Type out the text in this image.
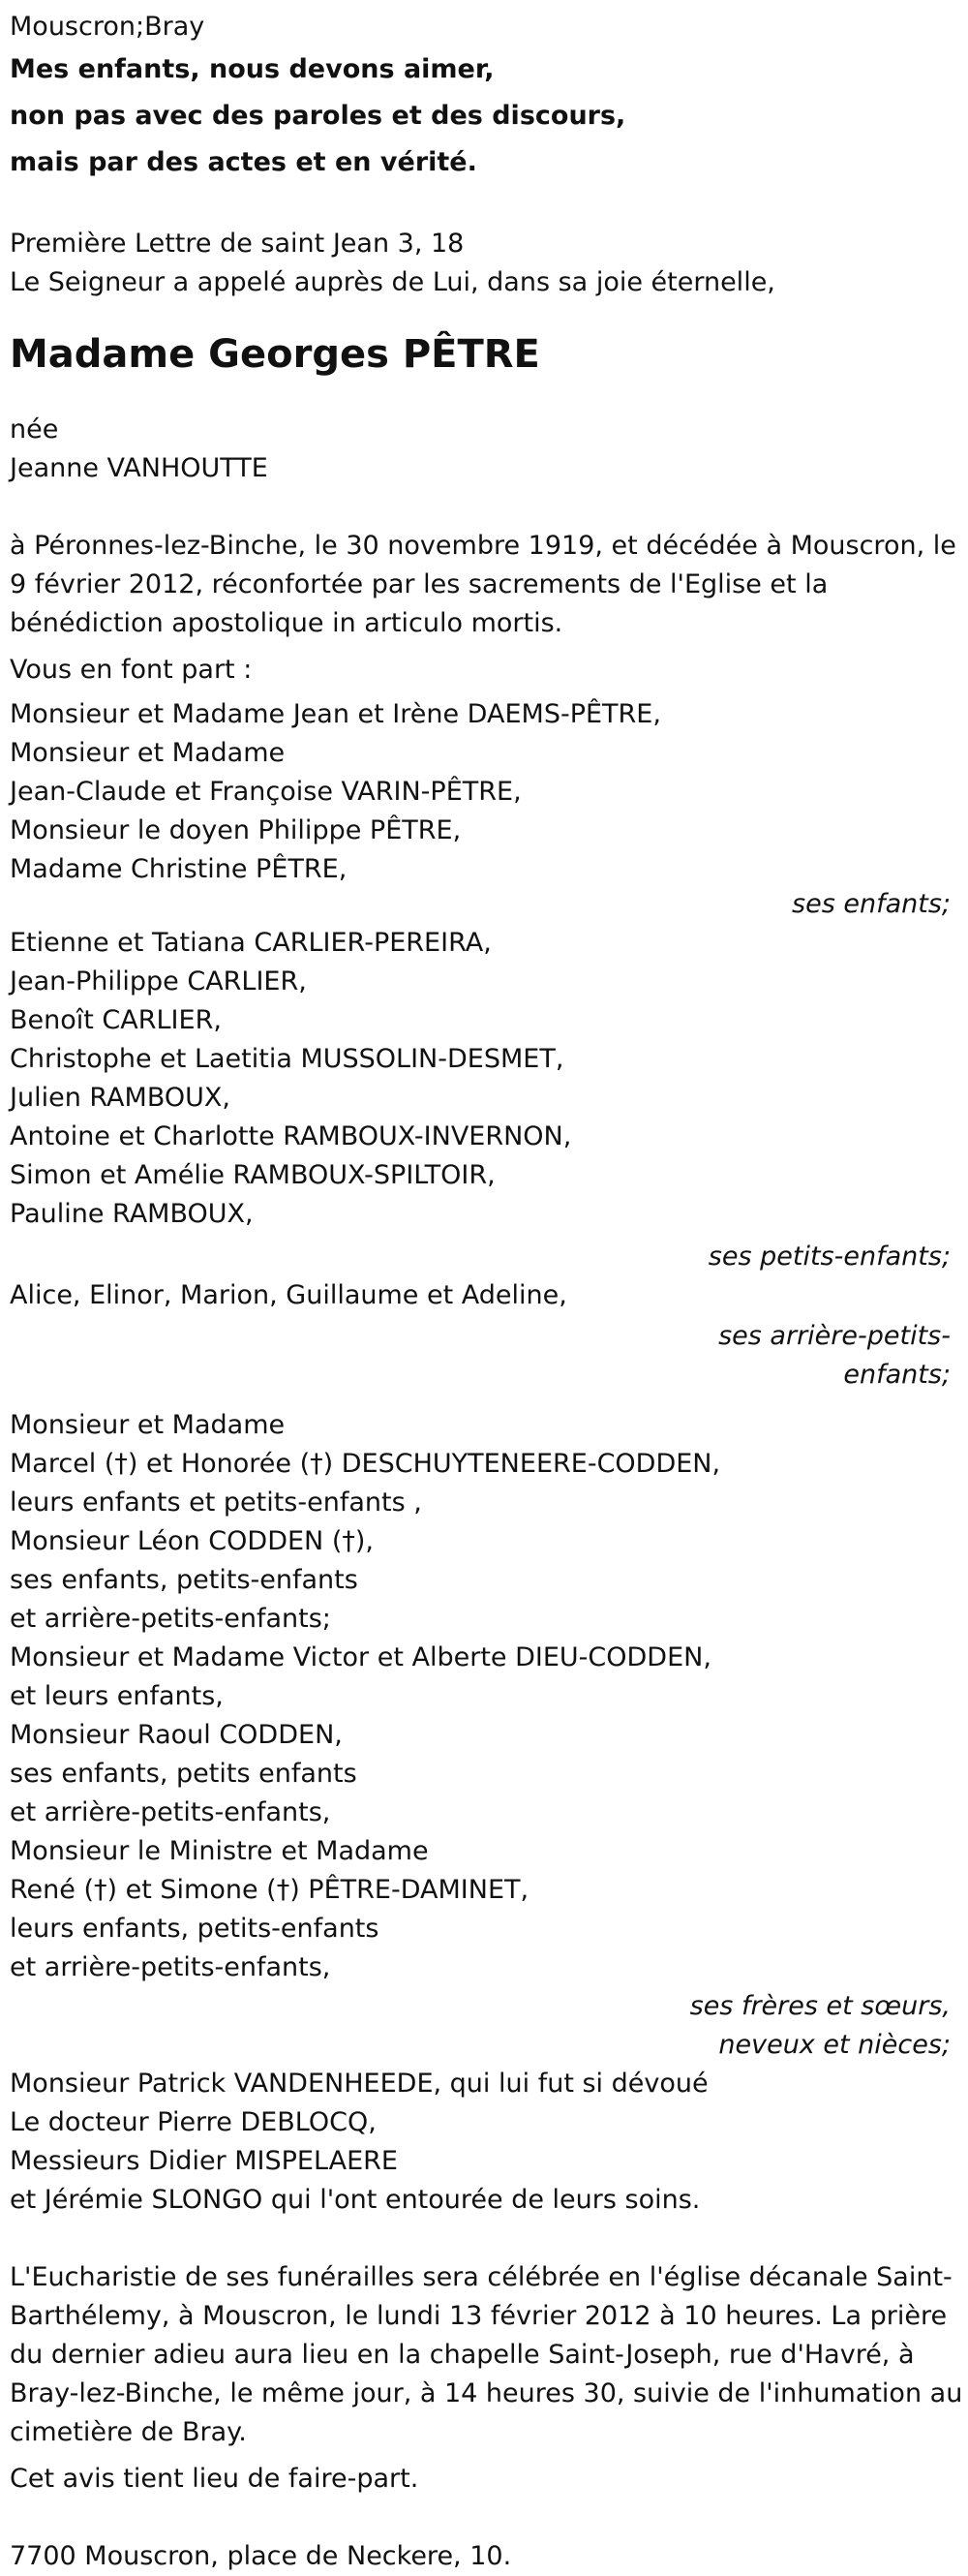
Mouscron;Bray
Mes enfants, nous devons aimer,
non pas avec des paroles et des discours,
mais par des actes et en vérité.
Première Lettre de saint Jean 3, 18
Le Seigneur a appelé auprès de Lui, dans sa joie éternelle,
Madame Georges PÊTRE
née
Jeanne VANHOUTTE
à Péronnes-lez-Binche, le 30 novembre 1919, et décédée à Mouscron, le 9 février 2012, réconfortée par les sacrements de l'Eglise et la bénédiction apostolique in articulo mortis.
Vous en font part :
Monsieur et Madame Jean et Irène DAEMS-PÊTRE,
Monsieur et Madame
Jean-Claude et Françoise VARIN-PÊTRE,
Monsieur le doyen Philippe PÊTRE,
Madame Christine PÊTRE,
ses enfants;
Etienne et Tatiana CARLIER-PEREIRA,
Jean-Philippe CARLIER,
Benoît CARLIER,
Christophe et Laetitia MUSSOLIN-DESMET,
Julien RAMBOUX,
Antoine et Charlotte RAMBOUX-INVERNON,
Simon et Amélie RAMBOUX-SPILTOIR,
Pauline RAMBOUX,
ses petits-enfants;
Alice, Elinor, Marion, Guillaume et Adeline,
ses arrière-petits-enfants;
Monsieur et Madame
Marcel (†) et Honorée (†) DESCHUYTENEERE-CODDEN,
leurs enfants et petits-enfants ,
Monsieur Léon CODDEN (†),
ses enfants, petits-enfants
et arrière-petits-enfants;
Monsieur et Madame Victor et Alberte DIEU-CODDEN,
et leurs enfants,
Monsieur Raoul CODDEN,
ses enfants, petits enfants
et arrière-petits-enfants,
Monsieur le Ministre et Madame
René (†) et Simone (†) PÊTRE-DAMINET,
leurs enfants, petits-enfants
et arrière-petits-enfants,
ses frères et sœurs, neveux et nièces;
Monsieur Patrick VANDENHEEDE, qui lui fut si dévoué
Le docteur Pierre DEBLOCQ,
Messieurs Didier MISPELAERE
et Jérémie SLONGO qui l'ont entourée de leurs soins.
L'Eucharistie de ses funérailles sera célébrée en l'église décanale Saint-Barthélemy, à Mouscron, le lundi 13 février 2012 à 10 heures. La prière du dernier adieu aura lieu en la chapelle Saint-Joseph, rue d'Havré, à Bray-lez-Binche, le même jour, à 14 heures 30, suivie de l'inhumation au cimetière de Bray.
Cet avis tient lieu de faire-part.
7700 Mouscron, place de Neckere, 10.
